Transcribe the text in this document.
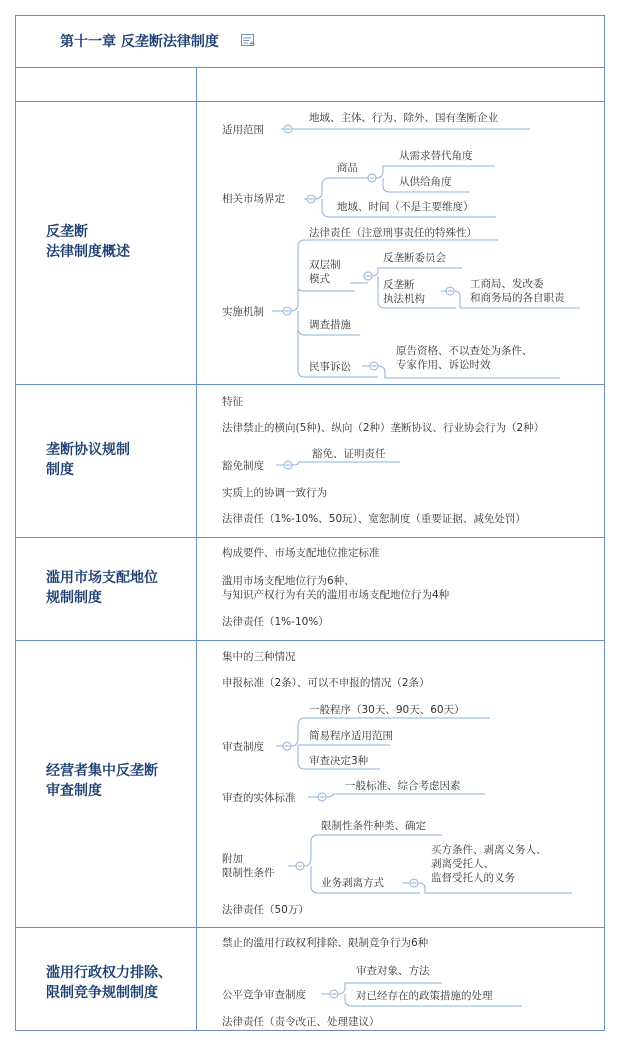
第十一章 反垄断法律制度
反垄断
法律制度概述
适用范围
地域、主体、行为、除外、国有垄断企业
相关市场界定
商品
从需求替代角度
从供给角度
地域、时间（不是主要维度）
实施机制
法律责任（注意刑事责任的特殊性）
双层制
模式
反垄断委员会
反垄断
执法机构
工商局、发改委
和商务局的各自职责
调查措施
民事诉讼
原告资格、不以查处为条件、
专家作用、诉讼时效
垄断协议规制
制度
特征
法律禁止的横向(5种)、纵向（2种）垄断协议、行业协会行为（2种）
豁免制度
豁免、证明责任
实质上的协调一致行为
法律责任（1%-10%、50玩）、宽恕制度（重要证据、减免处罚）
滥用市场支配地位
规制制度
构成要件、市场支配地位推定标准
滥用市场支配地位行为6种、
与知识产权行为有关的滥用市场支配地位行为4种
法律责任（1%-10%）
经营者集中反垄断
审查制度
集中的三种情况
申报标准（2条）、可以不申报的情况（2条）
审查制度
一般程序（30天、90天、60天）
简易程序适用范围
审查决定3种
审查的实体标准
一般标准、综合考虑因素
附加
限制性条件
限制性条件种类、确定
业务剥离方式
买方条件、剥离义务人、
剥离受托人、
监督受托人的义务
法律责任（50万）
滥用行政权力排除、
限制竞争规制制度
禁止的滥用行政权利排除、限制竞争行为6种
公平竞争审查制度
审查对象、方法
对已经存在的政策措施的处理
法律责任（责令改正、处理建议）
